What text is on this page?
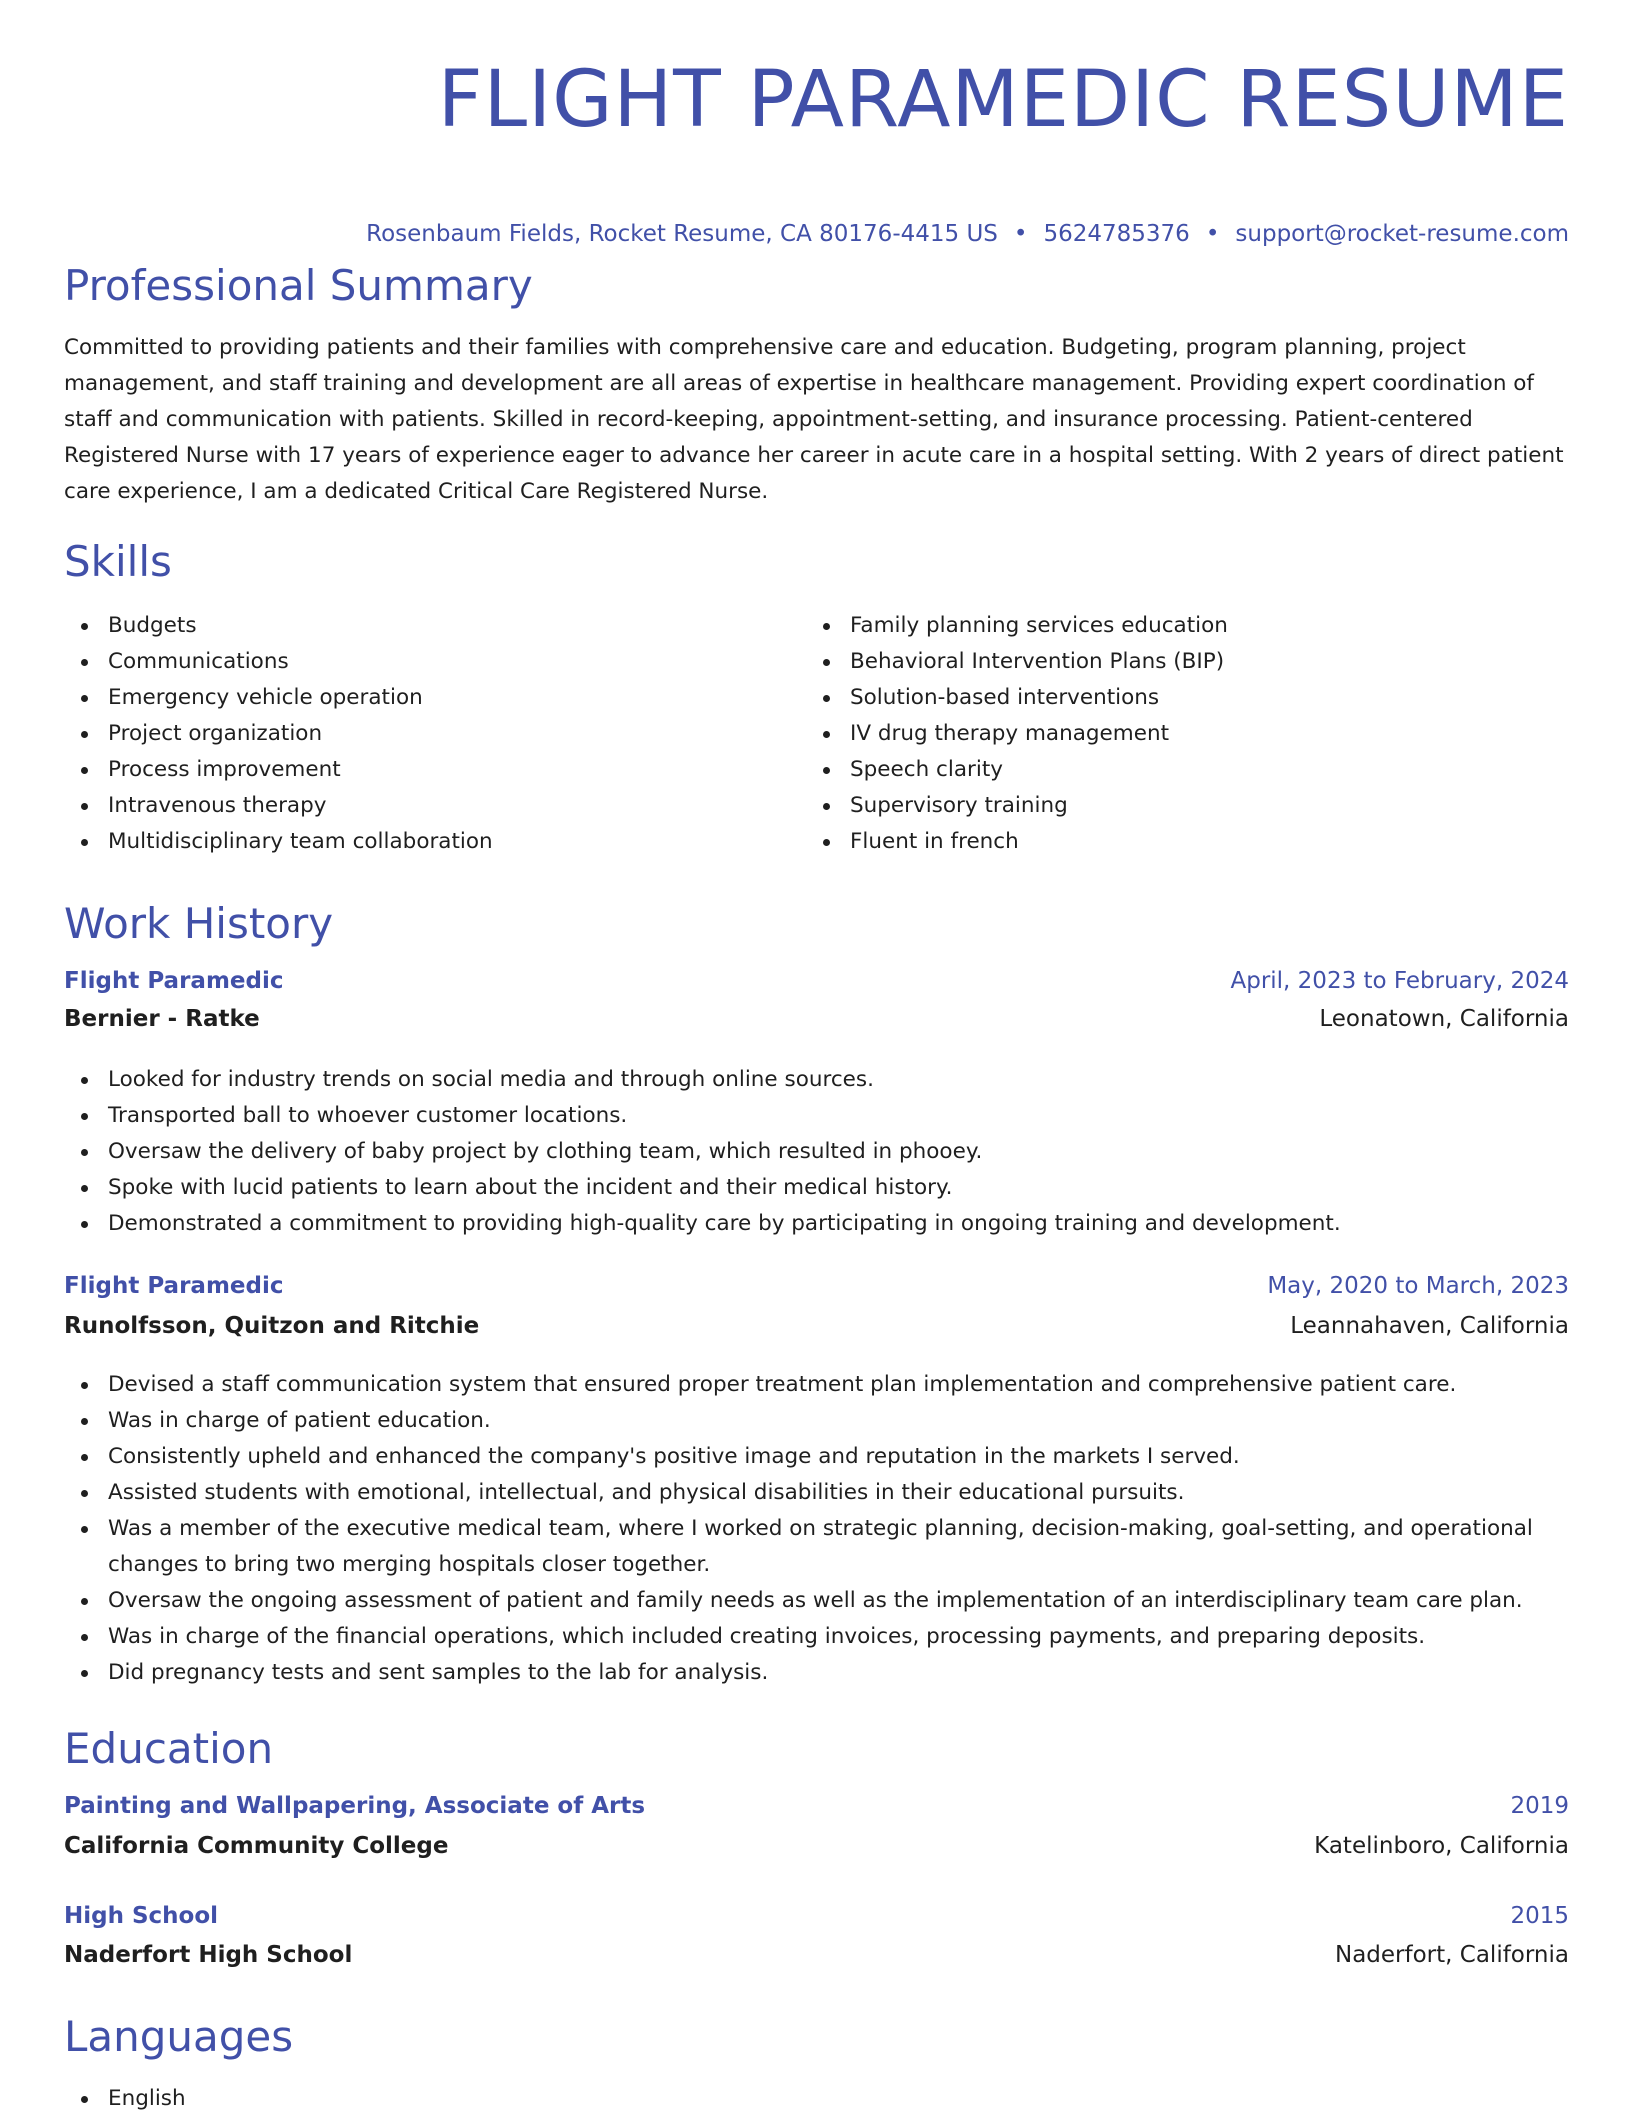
FLIGHT PARAMEDIC RESUME
Rosenbaum Fields, Rocket Resume, CA 80176-4415 US • 5624785376 • support@rocket-resume.com
Professional Summary

Committed to providing patients and their families with comprehensive care and education. Budgeting, program planning, project management, and staff training and development are all areas of expertise in healthcare management. Providing expert coordination of staff and communication with patients. Skilled in record-keeping, appointment-setting, and insurance processing. Patient-centered Registered Nurse with 17 years of experience eager to advance her career in acute care in a hospital setting. With 2 years of direct patient care experience, I am a dedicated Critical Care Registered Nurse.

Skills
Budgets
Communications
Emergency vehicle operation
Project organization
Process improvement
Intravenous therapy
Multidisciplinary team collaboration
Family planning services education
Behavioral Intervention Plans (BIP)
Solution-based interventions
IV drug therapy management
Speech clarity
Supervisory training
Fluent in french
Work History
Flight Paramedic	April, 2023 to February, 2024
Bernier - Ratke	Leonatown, California
Looked for industry trends on social media and through online sources.
Transported ball to whoever customer locations.
Oversaw the delivery of baby project by clothing team, which resulted in phooey.
Spoke with lucid patients to learn about the incident and their medical history.
Demonstrated a commitment to providing high-quality care by participating in ongoing training and development.
Flight Paramedic	May, 2020 to March, 2023
Runolfsson, Quitzon and Ritchie	Leannahaven, California
Devised a staff communication system that ensured proper treatment plan implementation and comprehensive patient care.
Was in charge of patient education.
Consistently upheld and enhanced the company's positive image and reputation in the markets I served.
Assisted students with emotional, intellectual, and physical disabilities in their educational pursuits.
Was a member of the executive medical team, where I worked on strategic planning, decision-making, goal-setting, and operational changes to bring two merging hospitals closer together.
Oversaw the ongoing assessment of patient and family needs as well as the implementation of an interdisciplinary team care plan.
Was in charge of the financial operations, which included creating invoices, processing payments, and preparing deposits.
Did pregnancy tests and sent samples to the lab for analysis.
Education
Painting and Wallpapering, Associate of Arts	2019
California Community College	Katelinboro, California
High School	2015
Naderfort High School	Naderfort, California
Languages
English
